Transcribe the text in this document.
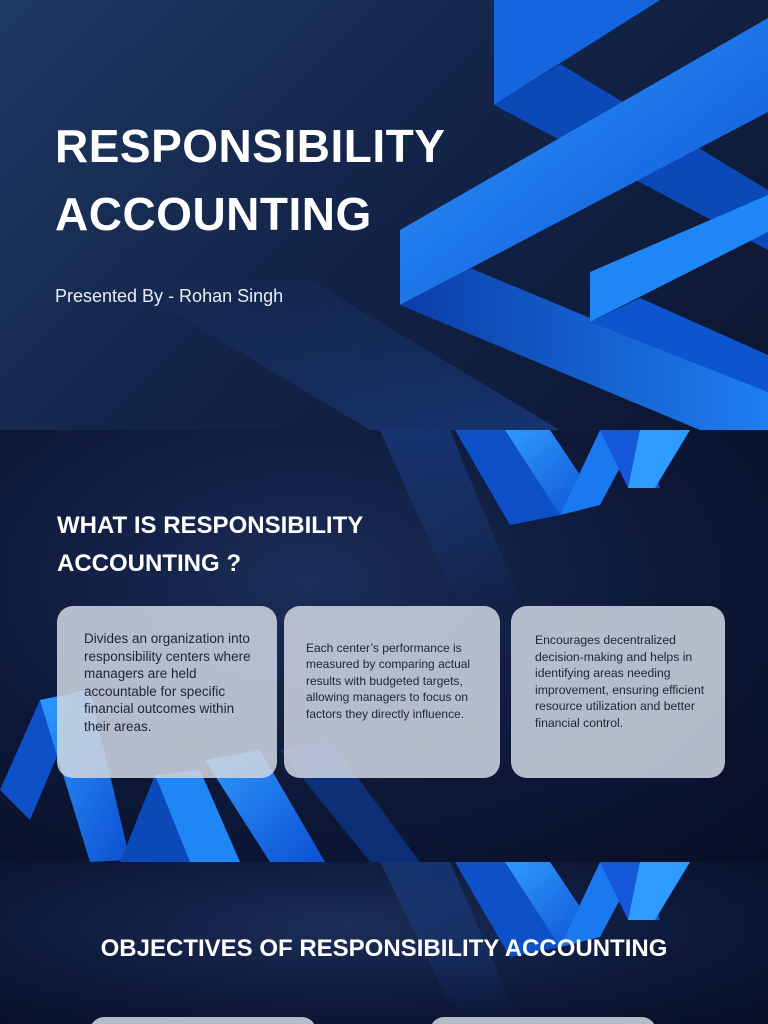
RESPONSIBILITY
ACCOUNTING
Presented By - Rohan Singh
WHAT IS RESPONSIBILITY
ACCOUNTING ?

Divides an organization into responsibility centers where managers are held accountable for specific financial outcomes within their areas.

Each center’s performance is measured by comparing actual results with budgeted targets, allowing managers to focus on factors they directly influence.

Encourages decentralized decision-making and helps in identifying areas needing improvement, ensuring efficient resource utilization and better financial control.

OBJECTIVES OF RESPONSIBILITY ACCOUNTING
